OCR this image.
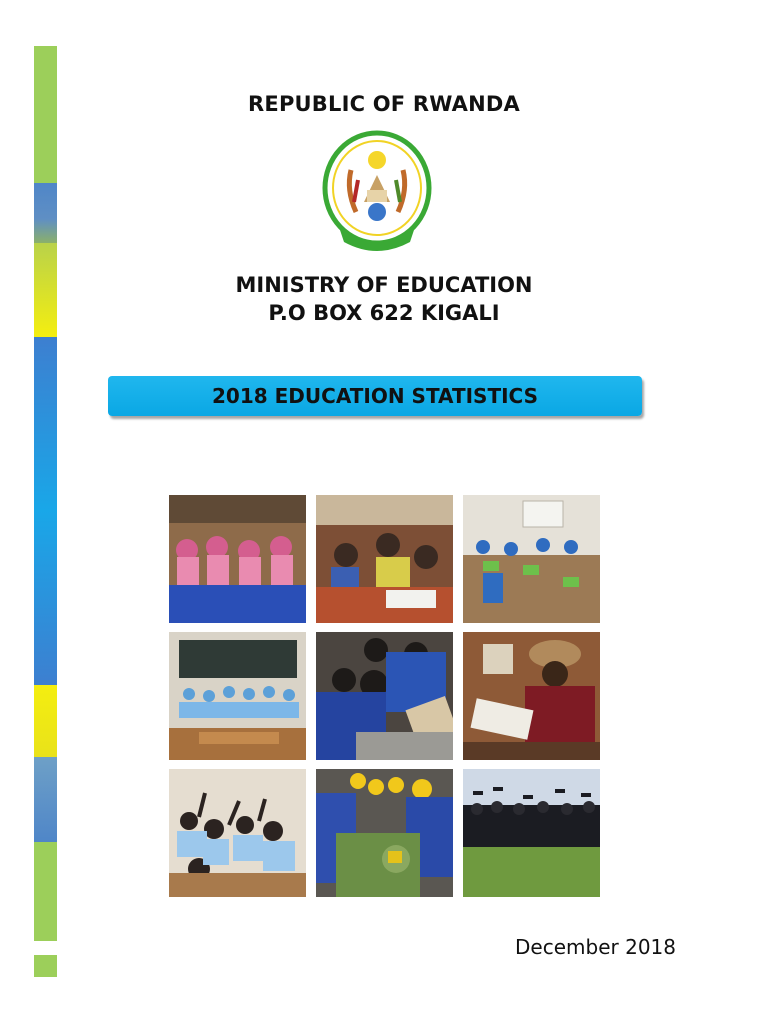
REPUBLIC OF RWANDA
MINISTRY OF EDUCATION
P.O BOX 622 KIGALI
2018 EDUCATION STATISTICS
December 2018
